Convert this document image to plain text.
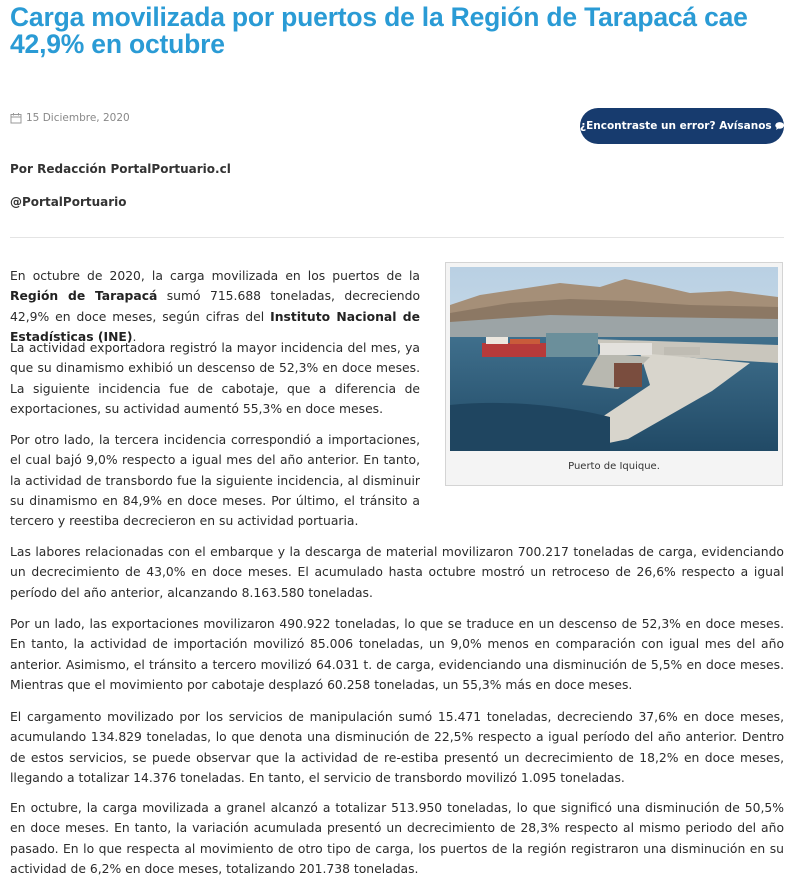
Carga movilizada por puertos de la Región de Tarapacá cae 42,9% en octubre
15 Diciembre, 2020
¿Encontraste un error? Avísanos
Por Redacción PortalPortuario.cl
@PortalPortuario

En octubre de 2020, la carga movilizada en los puertos de la Región de Tarapacá sumó 715.688 toneladas, decreciendo 42,9% en doce meses, según cifras del Instituto Nacional de Estadísticas (INE).

La actividad exportadora registró la mayor incidencia del mes, ya que su dinamismo exhibió un descenso de 52,3% en doce meses. La siguiente incidencia fue de cabotaje, que a diferencia de exportaciones, su actividad aumentó 55,3% en doce meses.

Por otro lado, la tercera incidencia correspondió a importaciones, el cual bajó 9,0% respecto a igual mes del año anterior. En tanto, la actividad de transbordo fue la siguiente incidencia, al disminuir su dinamismo en 84,9% en doce meses. Por último, el tránsito a tercero y reestiba decrecieron en su actividad portuaria.

Puerto de Iquique.

Las labores relacionadas con el embarque y la descarga de material movilizaron 700.217 toneladas de carga, evidenciando un decrecimiento de 43,0% en doce meses. El acumulado hasta octubre mostró un retroceso de 26,6% respecto a igual período del año anterior, alcanzando 8.163.580 toneladas.

Por un lado, las exportaciones movilizaron 490.922 toneladas, lo que se traduce en un descenso de 52,3% en doce meses. En tanto, la actividad de importación movilizó 85.006 toneladas, un 9,0% menos en comparación con igual mes del año anterior. Asimismo, el tránsito a tercero movilizó 64.031 t. de carga, evidenciando una disminución de 5,5% en doce meses. Mientras que el movimiento por cabotaje desplazó 60.258 toneladas, un 55,3% más en doce meses.

El cargamento movilizado por los servicios de manipulación sumó 15.471 toneladas, decreciendo 37,6% en doce meses, acumulando 134.829 toneladas, lo que denota una disminución de 22,5% respecto a igual período del año anterior. Dentro de estos servicios, se puede observar que la actividad de re-estiba presentó un decrecimiento de 18,2% en doce meses, llegando a totalizar 14.376 toneladas. En tanto, el servicio de transbordo movilizó 1.095 toneladas.

En octubre, la carga movilizada a granel alcanzó a totalizar 513.950 toneladas, lo que significó una disminución de 50,5% en doce meses. En tanto, la variación acumulada presentó un decrecimiento de 28,3% respecto al mismo periodo del año pasado. En lo que respecta al movimiento de otro tipo de carga, los puertos de la región registraron una disminución en su actividad de 6,2% en doce meses, totalizando 201.738 toneladas.
